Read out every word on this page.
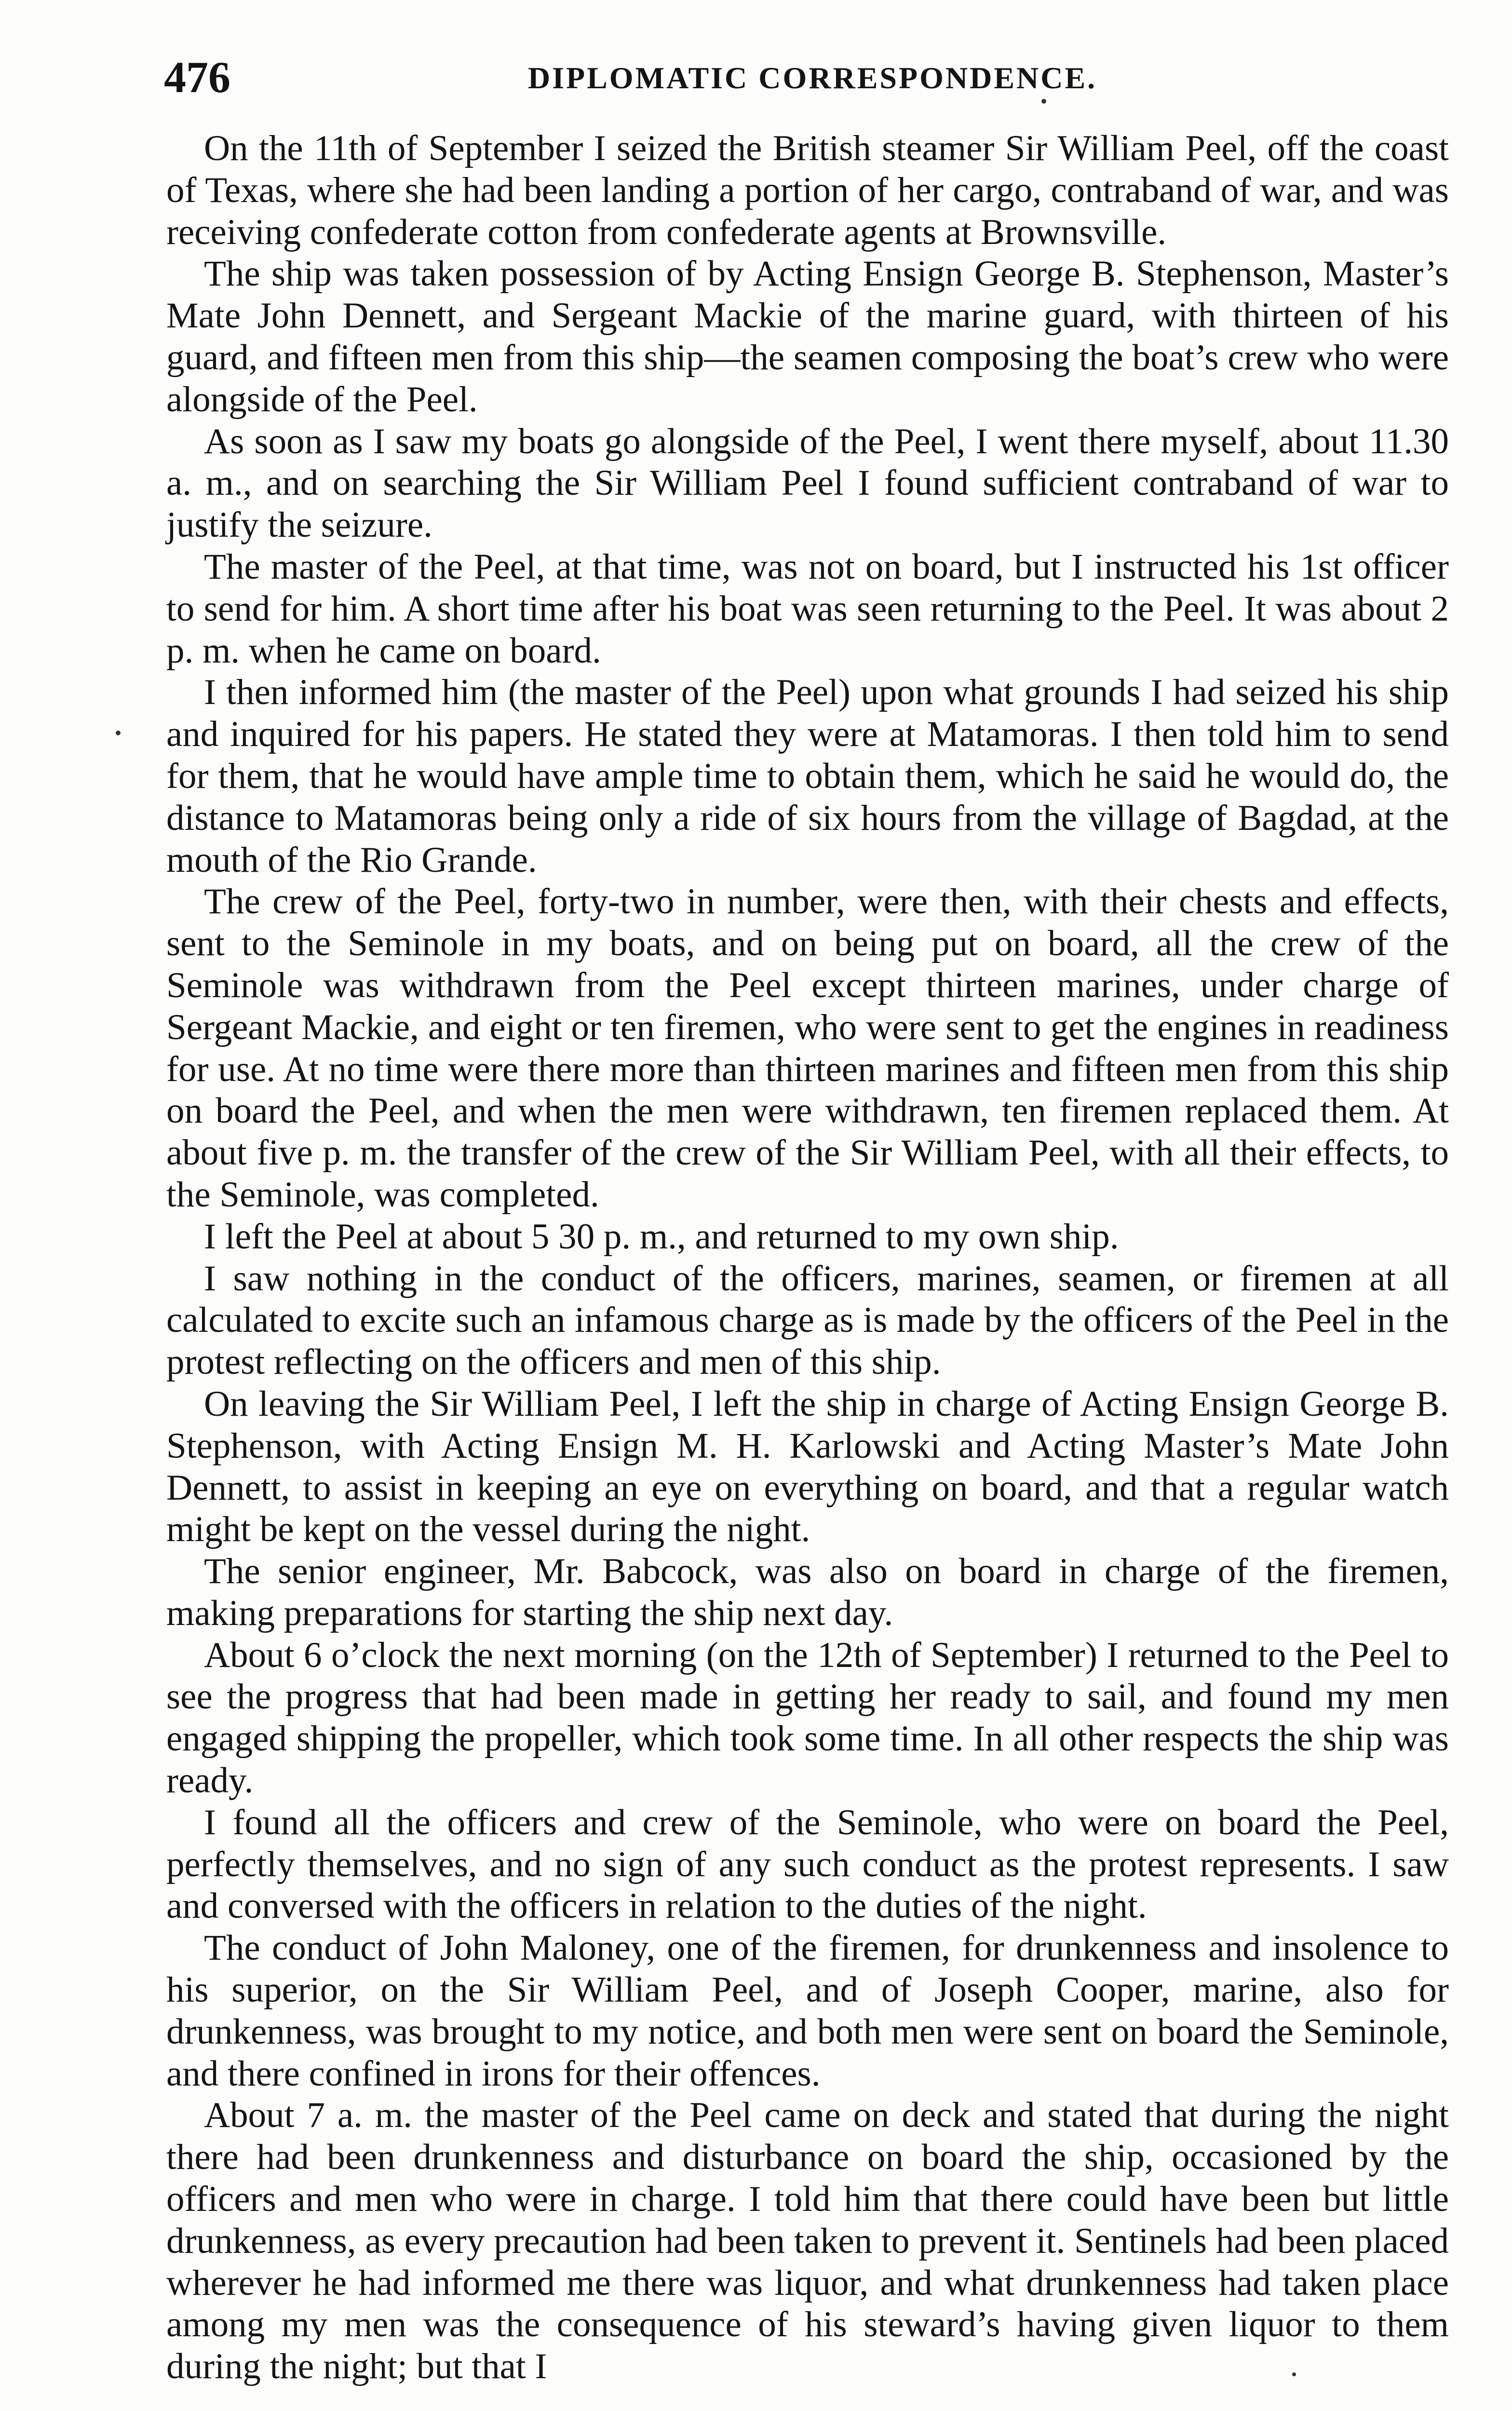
476	DIPLOMATIC CORRESPONDENCE.

On the 11th of September I seized the British steamer Sir William Peel, off the coast of Texas, where she had been landing a portion of her cargo, contraband of war, and was receiving confederate cotton from confederate agents at Brownsville.

The ship was taken possession of by Acting Ensign George B. Stephenson, Master’s Mate John Dennett, and Sergeant Mackie of the marine guard, with thirteen of his guard, and fifteen men from this ship—the seamen composing the boat’s crew who were alongside of the Peel.

As soon as I saw my boats go alongside of the Peel, I went there myself, about 11.30 a. m., and on searching the Sir William Peel I found sufficient contraband of war to justify the seizure.

The master of the Peel, at that time, was not on board, but I instructed his 1st officer to send for him. A short time after his boat was seen returning to the Peel. It was about 2 p. m. when he came on board.

I then informed him (the master of the Peel) upon what grounds I had seized his ship and inquired for his papers. He stated they were at Matamoras. I then told him to send for them, that he would have ample time to obtain them, which he said he would do, the distance to Matamoras being only a ride of six hours from the village of Bagdad, at the mouth of the Rio Grande.

The crew of the Peel, forty-two in number, were then, with their chests and effects, sent to the Seminole in my boats, and on being put on board, all the crew of the Seminole was withdrawn from the Peel except thirteen marines, under charge of Sergeant Mackie, and eight or ten firemen, who were sent to get the engines in readiness for use. At no time were there more than thirteen marines and fifteen men from this ship on board the Peel, and when the men were withdrawn, ten firemen replaced them. At about five p. m. the transfer of the crew of the Sir William Peel, with all their effects, to the Seminole, was completed.

I left the Peel at about 5 30 p. m., and returned to my own ship.

I saw nothing in the conduct of the officers, marines, seamen, or firemen at all calculated to excite such an infamous charge as is made by the officers of the Peel in the protest reflecting on the officers and men of this ship.

On leaving the Sir William Peel, I left the ship in charge of Acting Ensign George B. Stephenson, with Acting Ensign M. H. Karlowski and Acting Master’s Mate John Dennett, to assist in keeping an eye on everything on board, and that a regular watch might be kept on the vessel during the night.

The senior engineer, Mr. Babcock, was also on board in charge of the firemen, making preparations for starting the ship next day.

About 6 o’clock the next morning (on the 12th of September) I returned to the Peel to see the progress that had been made in getting her ready to sail, and found my men engaged shipping the propeller, which took some time. In all other respects the ship was ready.

I found all the officers and crew of the Seminole, who were on board the Peel, perfectly themselves, and no sign of any such conduct as the protest represents. I saw and conversed with the officers in relation to the duties of the night.

The conduct of John Maloney, one of the firemen, for drunkenness and insolence to his superior, on the Sir William Peel, and of Joseph Cooper, marine, also for drunkenness, was brought to my notice, and both men were sent on board the Seminole, and there confined in irons for their offences.

About 7 a. m. the master of the Peel came on deck and stated that during the night there had been drunkenness and disturbance on board the ship, occasioned by the officers and men who were in charge. I told him that there could have been but little drunkenness, as every precaution had been taken to prevent it. Sentinels had been placed wherever he had informed me there was liquor, and what drunkenness had taken place among my men was the consequence of his steward’s having given liquor to them during the night; but that I
